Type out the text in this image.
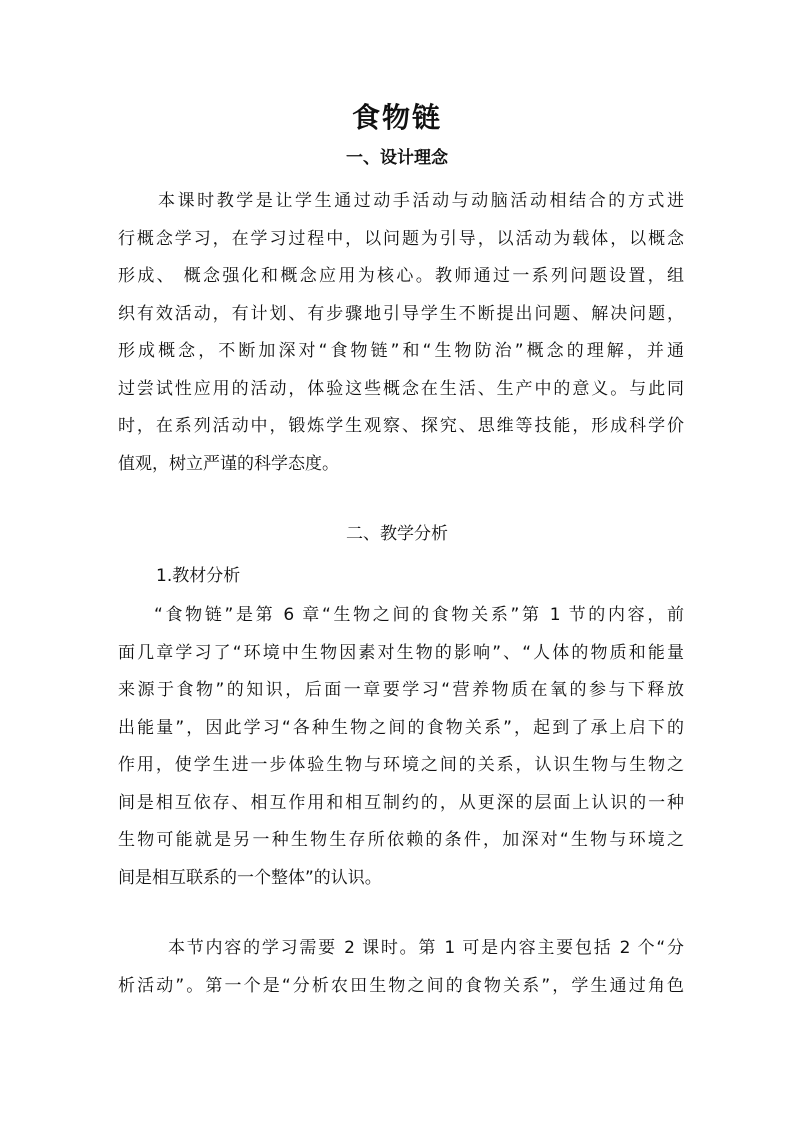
食物链
一、设计理念
本课时教学是让学生通过动手活动与动脑活动相结合的方式进
行概念学习，在学习过程中，以问题为引导，以活动为载体，以概念
形成、 概念强化和概念应用为核心。教师通过一系列问题设置，组
织有效活动，有计划、有步骤地引导学生不断提出问题、解决问题，
形成概念，不断加深对“食物链”和“生物防治”概念的理解，并通
过尝试性应用的活动，体验这些概念在生活、生产中的意义。与此同
时，在系列活动中，锻炼学生观察、探究、思维等技能，形成科学价
值观，树立严谨的科学态度。
二、教学分析
1.教材分析
“食物链”是第 6 章“生物之间的食物关系”第 1 节的内容，前
面几章学习了“环境中生物因素对生物的影响”、“人体的物质和能量
来源于食物”的知识，后面一章要学习“营养物质在氧的参与下释放
出能量”，因此学习“各种生物之间的食物关系”，起到了承上启下的
作用，使学生进一步体验生物与环境之间的关系，认识生物与生物之
间是相互依存、相互作用和相互制约的，从更深的层面上认识的一种
生物可能就是另一种生物生存所依赖的条件，加深对“生物与环境之
间是相互联系的一个整体”的认识。
本节内容的学习需要 2 课时。第 1 可是内容主要包括 2 个“分
析活动”。第一个是“分析农田生物之间的食物关系”，学生通过角色
